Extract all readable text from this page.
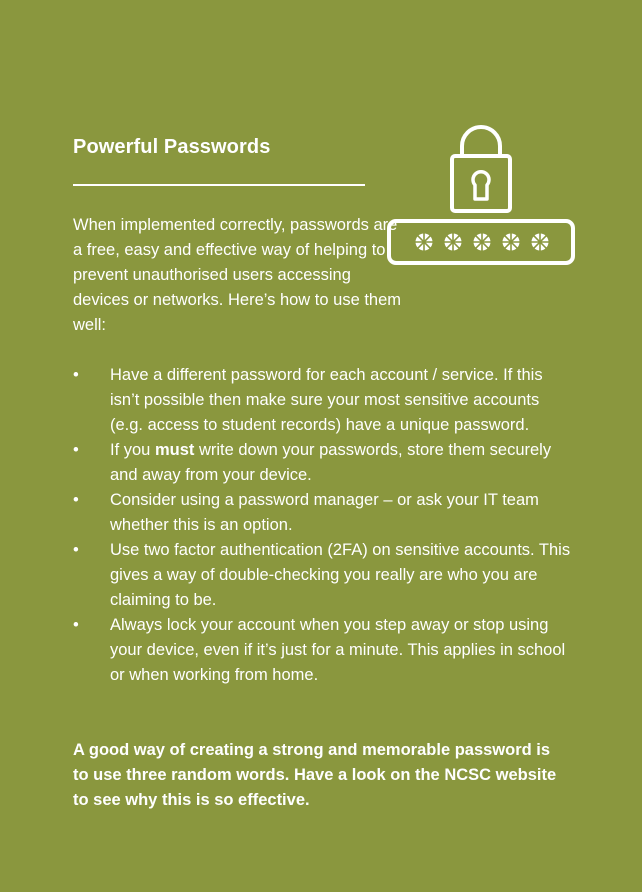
Powerful Passwords

When implemented correctly, passwords are a free, easy and effective way of helping to prevent unauthorised users accessing devices or networks. Here’s how to use them well:

• Have a different password for each account / service. If this isn’t possible then make sure your most sensitive accounts (e.g. access to student records) have a unique password.
• If you must write down your passwords, store them securely and away from your device.
• Consider using a password manager – or ask your IT team whether this is an option.
• Use two factor authentication (2FA) on sensitive accounts. This gives a way of double-checking you really are who you are claiming to be.
• Always lock your account when you step away or stop using your device, even if it’s just for a minute. This applies in school or when working from home.

A good way of creating a strong and memorable password is to use three random words. Have a look on the NCSC website to see why this is so effective.
